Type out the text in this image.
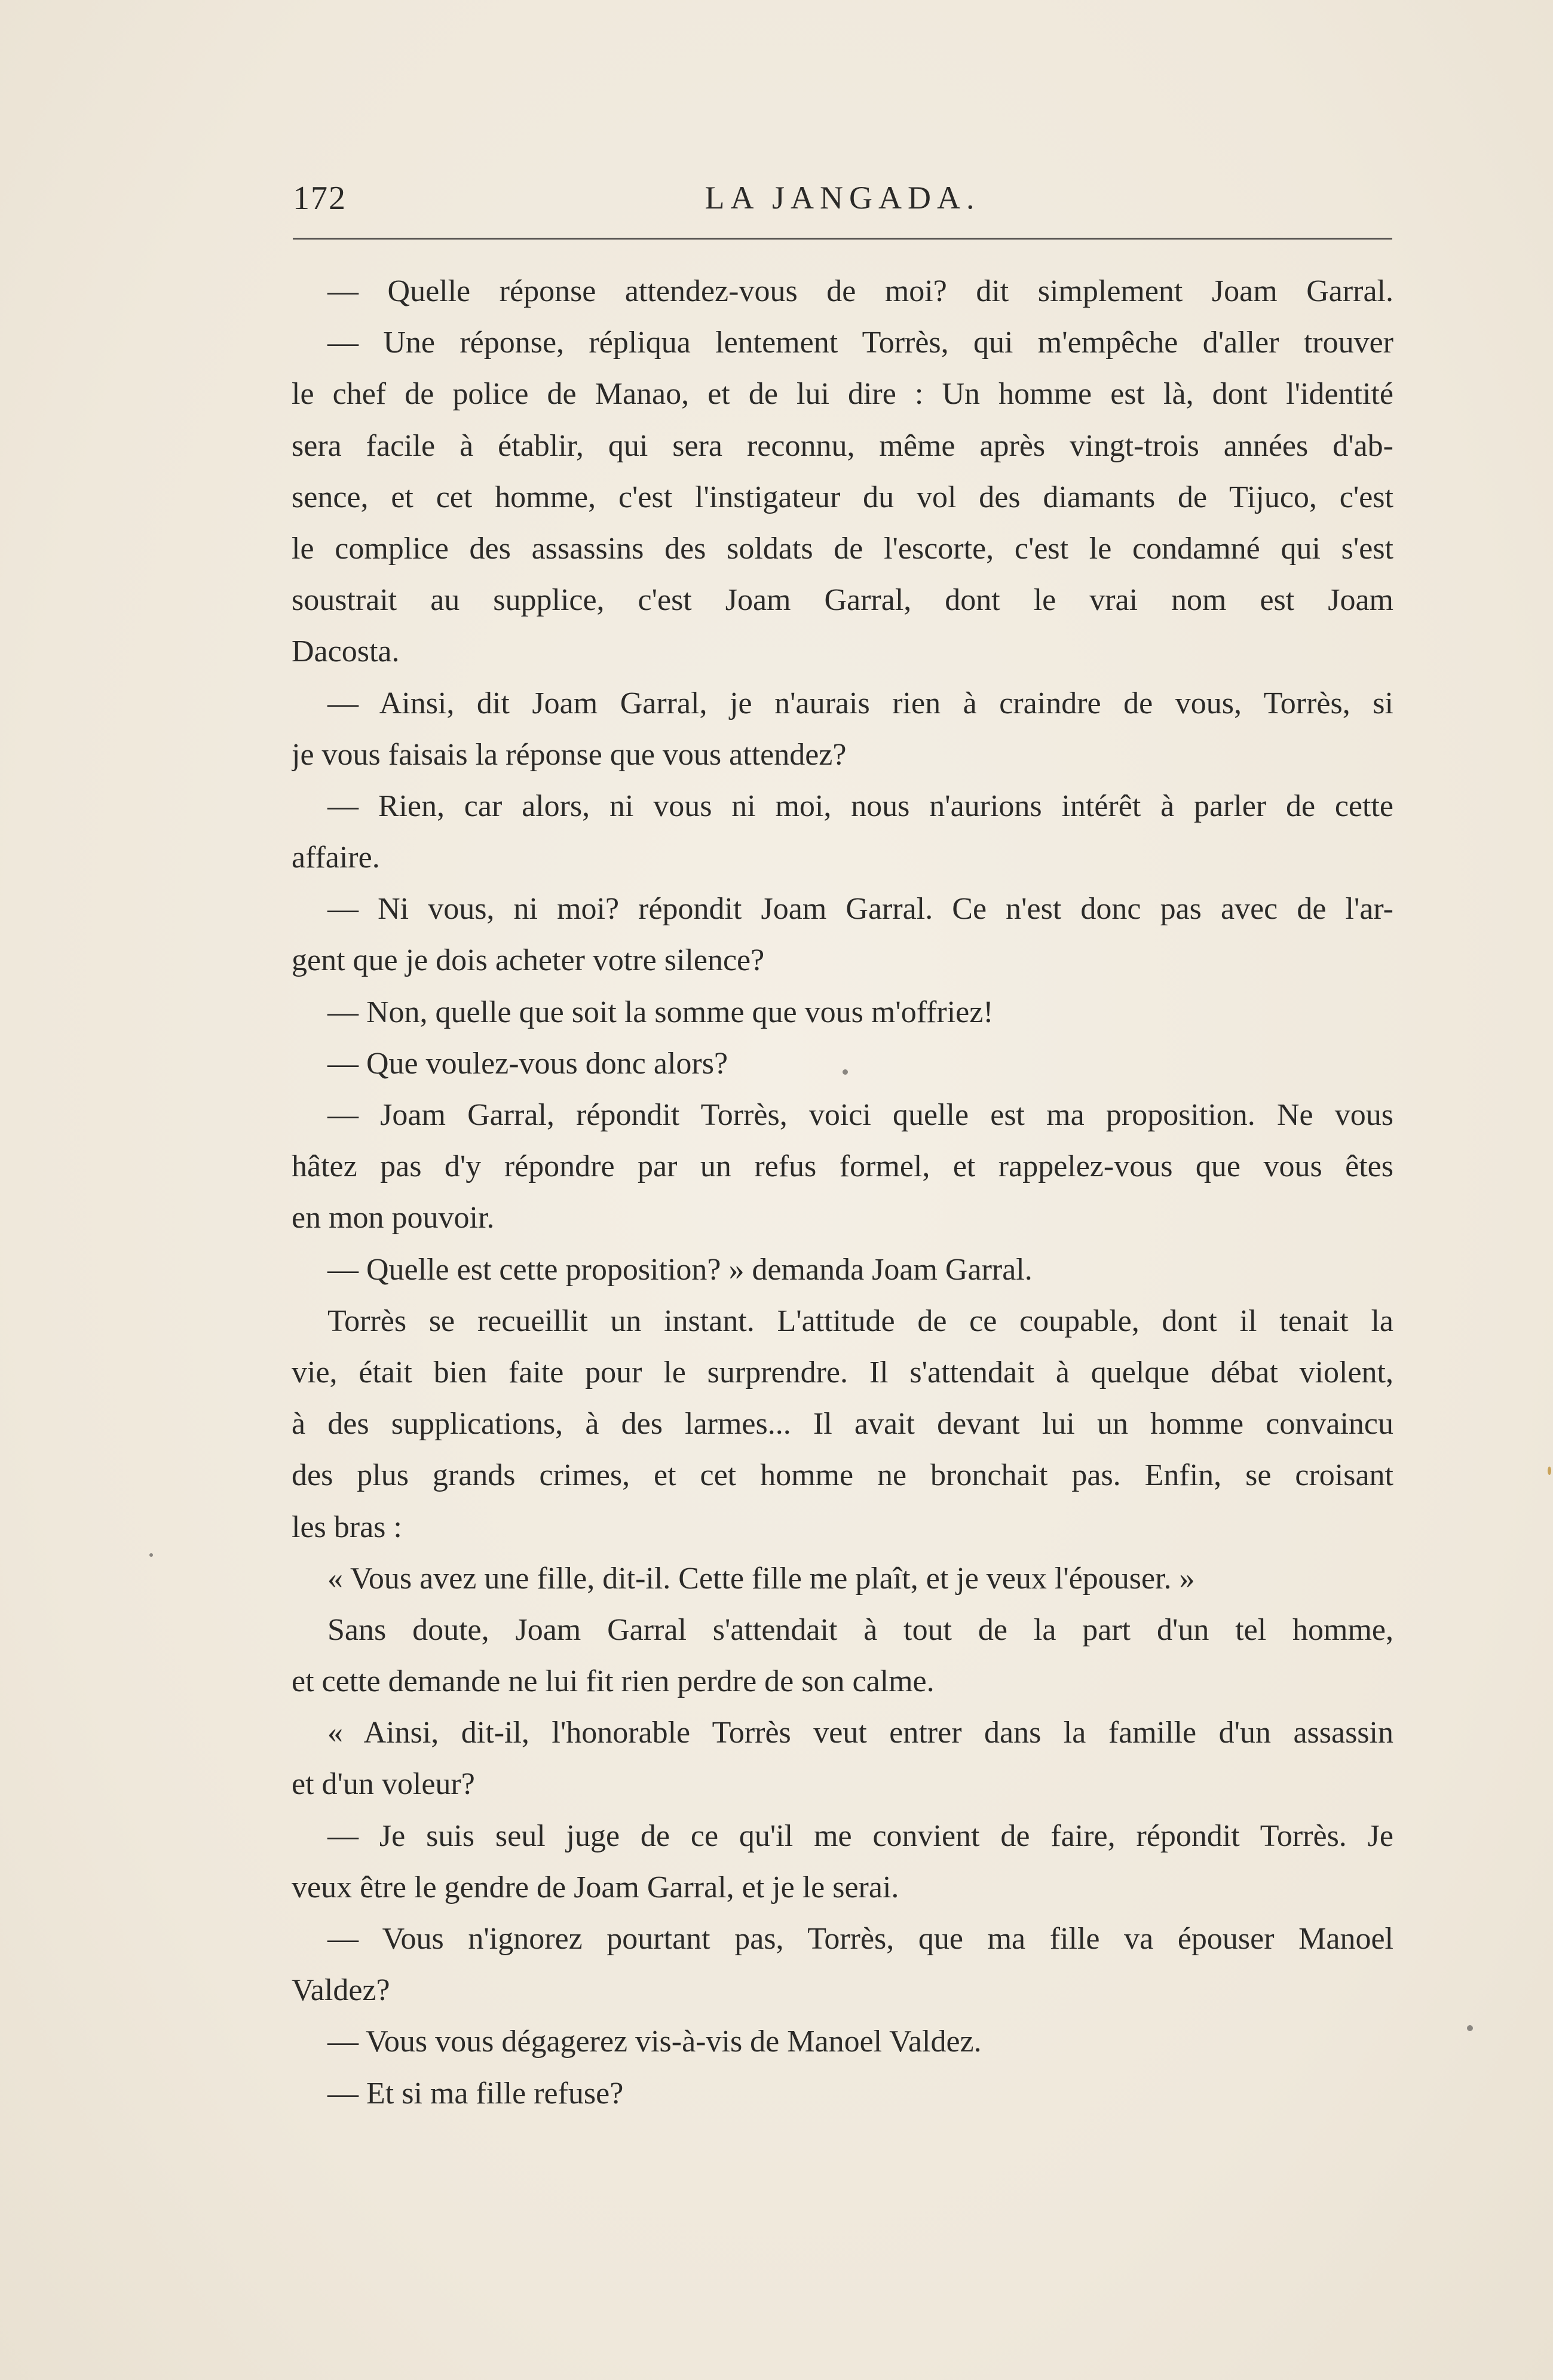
172	LA JANGADA.
— Quelle réponse attendez-vous de moi? dit simplement Joam Garral.
— Une réponse, répliqua lentement Torrès, qui m'empêche d'aller trouver
le chef de police de Manao, et de lui dire : Un homme est là, dont l'identité
sera facile à établir, qui sera reconnu, même après vingt-trois années d'ab-
sence, et cet homme, c'est l'instigateur du vol des diamants de Tijuco, c'est
le complice des assassins des soldats de l'escorte, c'est le condamné qui s'est
soustrait au supplice, c'est Joam Garral, dont le vrai nom est Joam
Dacosta.
— Ainsi, dit Joam Garral, je n'aurais rien à craindre de vous, Torrès, si
je vous faisais la réponse que vous attendez?
— Rien, car alors, ni vous ni moi, nous n'aurions intérêt à parler de cette
affaire.
— Ni vous, ni moi? répondit Joam Garral. Ce n'est donc pas avec de l'ar-
gent que je dois acheter votre silence?
— Non, quelle que soit la somme que vous m'offriez!
— Que voulez-vous donc alors?
— Joam Garral, répondit Torrès, voici quelle est ma proposition. Ne vous
hâtez pas d'y répondre par un refus formel, et rappelez-vous que vous êtes
en mon pouvoir.
— Quelle est cette proposition? » demanda Joam Garral.
Torrès se recueillit un instant. L'attitude de ce coupable, dont il tenait la
vie, était bien faite pour le surprendre. Il s'attendait à quelque débat violent,
à des supplications, à des larmes... Il avait devant lui un homme convaincu
des plus grands crimes, et cet homme ne bronchait pas. Enfin, se croisant
les bras :
« Vous avez une fille, dit-il. Cette fille me plaît, et je veux l'épouser. »
Sans doute, Joam Garral s'attendait à tout de la part d'un tel homme,
et cette demande ne lui fit rien perdre de son calme.
« Ainsi, dit-il, l'honorable Torrès veut entrer dans la famille d'un assassin
et d'un voleur?
— Je suis seul juge de ce qu'il me convient de faire, répondit Torrès. Je
veux être le gendre de Joam Garral, et je le serai.
— Vous n'ignorez pourtant pas, Torrès, que ma fille va épouser Manoel
Valdez?
— Vous vous dégagerez vis-à-vis de Manoel Valdez.
— Et si ma fille refuse?
